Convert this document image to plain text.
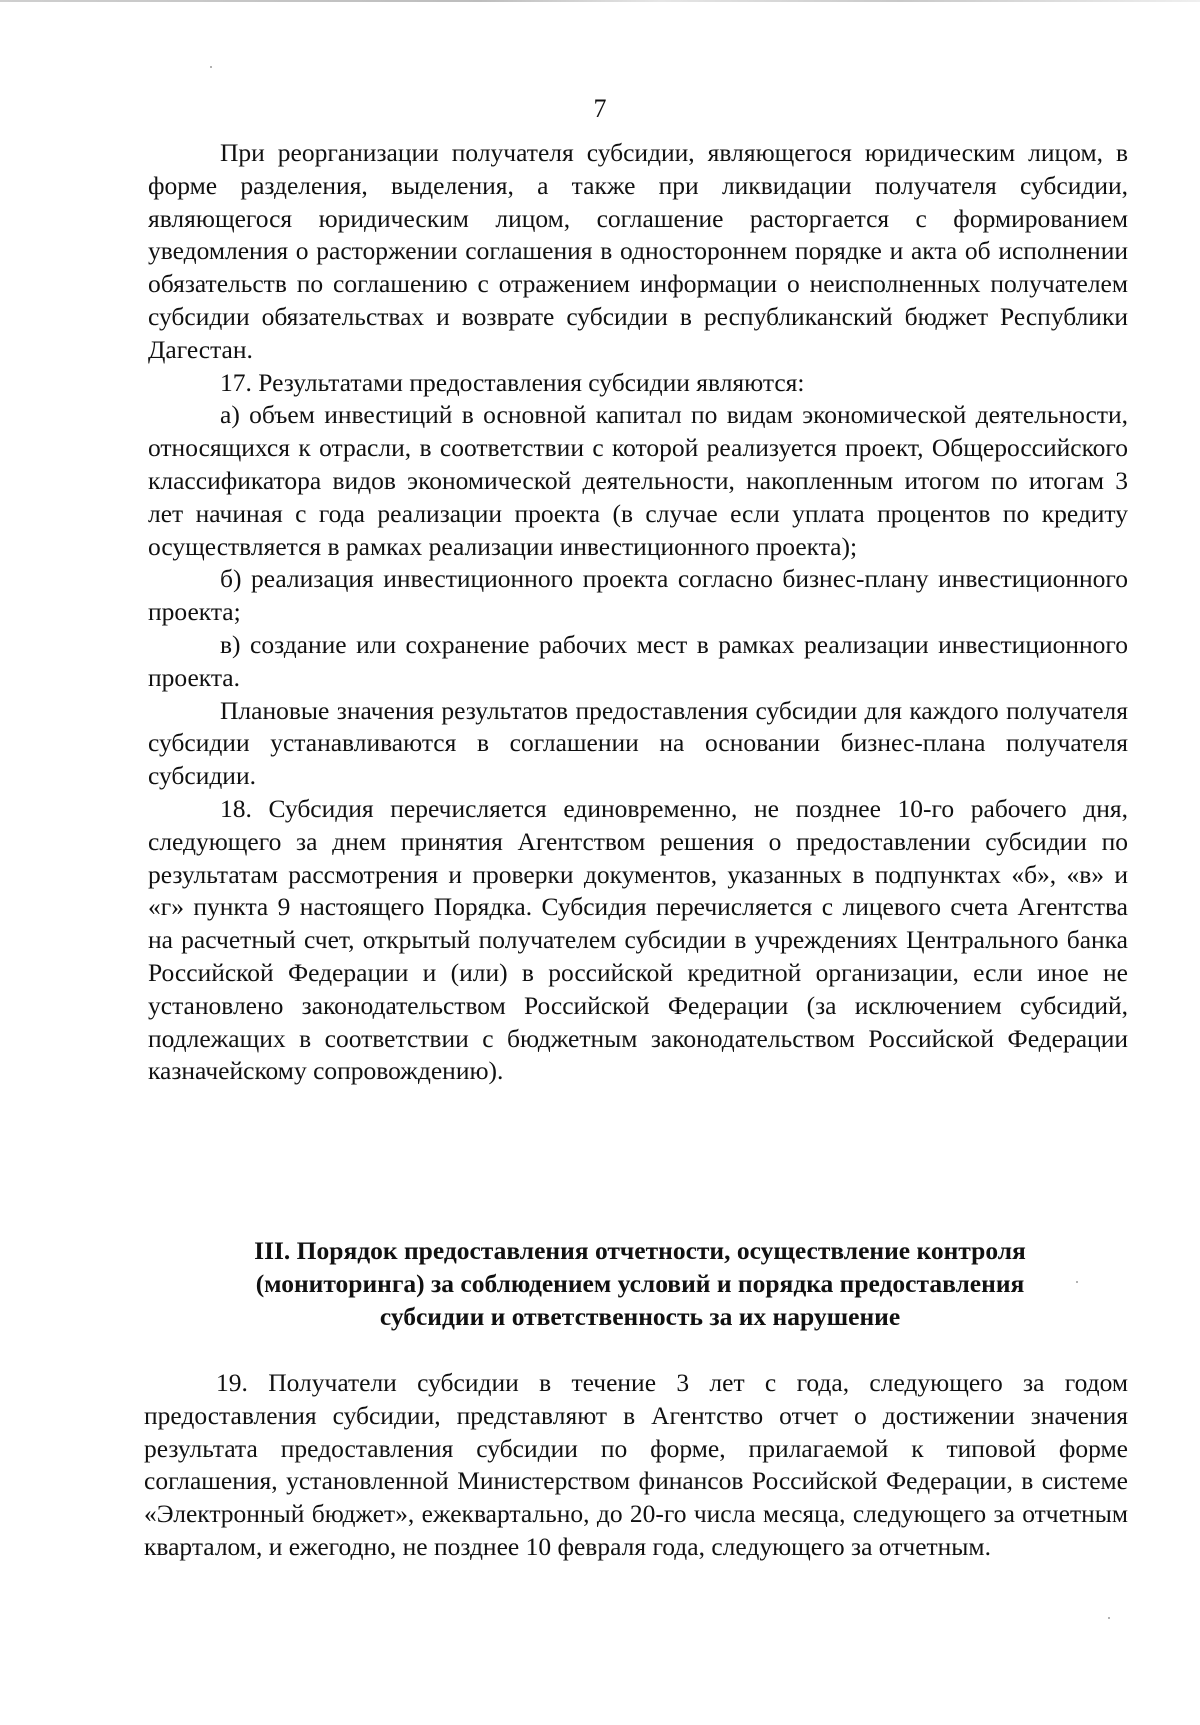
7

При реорганизации получателя субсидии, являющегося юридическим лицом, в форме разделения, выделения, а также при ликвидации получателя субсидии, являющегося юридическим лицом, соглашение расторгается с формированием уведомления о расторжении соглашения в одностороннем порядке и акта об исполнении обязательств по соглашению с отражением информации о неисполненных получателем субсидии обязательствах и возврате субсидии в республиканский бюджет Республики Дагестан.

17. Результатами предоставления субсидии являются:

а) объем инвестиций в основной капитал по видам экономической деятельности, относящихся к отрасли, в соответствии с которой реализуется проект, Общероссийского классификатора видов экономической деятельности, накопленным итогом по итогам 3 лет начиная с года реализации проекта (в случае если уплата процентов по кредиту осуществляется в рамках реализации инвестиционного проекта);

б) реализация инвестиционного проекта согласно бизнес-плану инвестиционного проекта;

в) создание или сохранение рабочих мест в рамках реализации инвестиционного проекта.

Плановые значения результатов предоставления субсидии для каждого получателя субсидии устанавливаются в соглашении на основании бизнес-плана получателя субсидии.

18. Субсидия перечисляется единовременно, не позднее 10-го рабочего дня, следующего за днем принятия Агентством решения о предоставлении субсидии по результатам рассмотрения и проверки документов, указанных в подпунктах «б», «в» и «г» пункта 9 настоящего Порядка. Субсидия перечисляется с лицевого счета Агентства на расчетный счет, открытый получателем субсидии в учреждениях Центрального банка Российской Федерации и (или) в российской кредитной организации, если иное не установлено законодательством Российской Федерации (за исключением субсидий, подлежащих в соответствии с бюджетным законодательством Российской Федерации казначейскому сопровождению).

III. Порядок предоставления отчетности, осуществление контроля
(мониторинга) за соблюдением условий и порядка предоставления
субсидии и ответственность за их нарушение

19. Получатели субсидии в течение 3 лет с года, следующего за годом предоставления субсидии, представляют в Агентство отчет о достижении значения результата предоставления субсидии по форме, прилагаемой к типовой форме соглашения, установленной Министерством финансов Российской Федерации, в системе «Электронный бюджет», ежеквартально, до 20-го числа месяца, следующего за отчетным кварталом, и ежегодно, не позднее 10 февраля года, следующего за отчетным.
